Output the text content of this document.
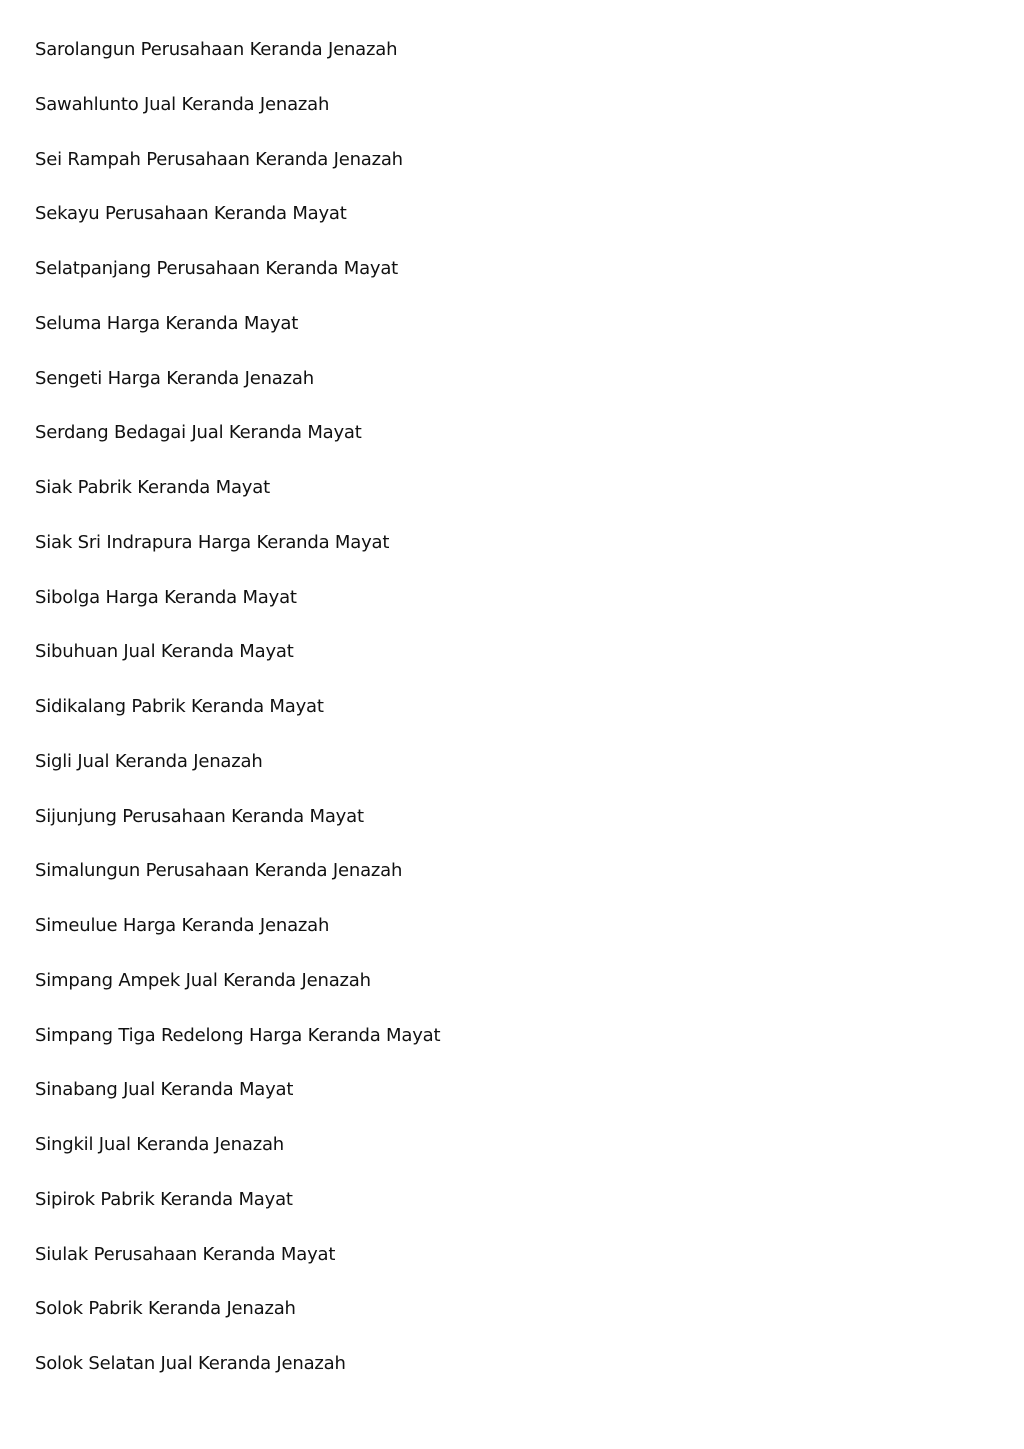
Sarolangun Perusahaan Keranda Jenazah
Sawahlunto Jual Keranda Jenazah
Sei Rampah Perusahaan Keranda Jenazah
Sekayu Perusahaan Keranda Mayat
Selatpanjang Perusahaan Keranda Mayat
Seluma Harga Keranda Mayat
Sengeti Harga Keranda Jenazah
Serdang Bedagai Jual Keranda Mayat
Siak Pabrik Keranda Mayat
Siak Sri Indrapura Harga Keranda Mayat
Sibolga Harga Keranda Mayat
Sibuhuan Jual Keranda Mayat
Sidikalang Pabrik Keranda Mayat
Sigli Jual Keranda Jenazah
Sijunjung Perusahaan Keranda Mayat
Simalungun Perusahaan Keranda Jenazah
Simeulue Harga Keranda Jenazah
Simpang Ampek Jual Keranda Jenazah
Simpang Tiga Redelong Harga Keranda Mayat
Sinabang Jual Keranda Mayat
Singkil Jual Keranda Jenazah
Sipirok Pabrik Keranda Mayat
Siulak Perusahaan Keranda Mayat
Solok Pabrik Keranda Jenazah
Solok Selatan Jual Keranda Jenazah
